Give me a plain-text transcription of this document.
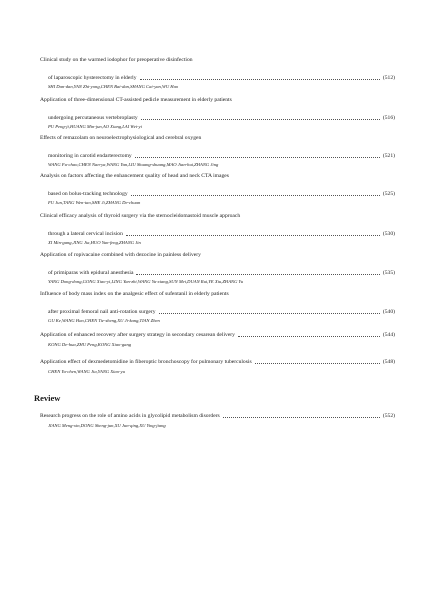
Clinical study on the warmed iodophor for preoperative disinfection
of laparoscopic hysterectomy in elderly	(512)
SHI Dan-dan,YAN Zhi-yong,CHEN Bai-dan,SHANG Cai-yan,WU Hao
Application of three-dimensional CT-assisted pedicle measurement in elderly patients
undergoing percutaneous vertebroplasty	(516)
PU Peng-ji,HUANG Min-jun,AO Xiang,LAI Wei-yi
Effects of remazolam on neuroelectrophysiological and cerebral oxygen
monitoring in carotid endarterectomy	(521)
WANG Fu-chao,CHEN Nan-ya,WANG Yan,LIU Shuang-shuang,MAO Jian-hui,ZHANG Jing
Analysis on factors affecting the enhancement quality of head and neck CTA images
based on bolus-tracking technology	(525)
FU Jun,TANG Wen-tao,SHE Ji,ZHANG De-chuan
Clinical efficacy analysis of thyroid surgery via the sternocleidomastoid muscle approach
through a lateral cervical incision	(530)
XI Min-gang,JING Jia,HUO Yun-feng,ZHANG Jin
Application of ropivacaine combined with dezocine in painless delivery
of primiparas with epidural anesthesia	(535)
YANG Dong-dong,GONG Xiao-yi,LING Yan-zhi,WANG Yu-xiang,SUN Mei,DUAN Rui,YE Xiu,ZHANG Yu
Influence of body mass index on the analgesic effect of sufentanil in elderly patients
after proximal femoral nail anti-rotation surgery	(540)
GU Ke,WANG Hao,CHEN Tie-sheng,XU Ji-kang,TIAN Zhen
Application of enhanced recovery after surgery strategy in secondary cesarean delivery	(544)
KONG De-hua,ZHU Peng,KONG Xiao-gang
Application effect of dexmedetomidine in fiberoptic bronchoscopy for pulmonary tuberculosis	(548)
CHEN Yu-chen,WANG Jia,YANG Xiao-yu
Review
Research progress on the role of amino acids in glycolipid metabolism disorders	(552)
JIANG Meng-xin,DONG Sheng-jun,XU Jun-qing,XU Ying-jiang
